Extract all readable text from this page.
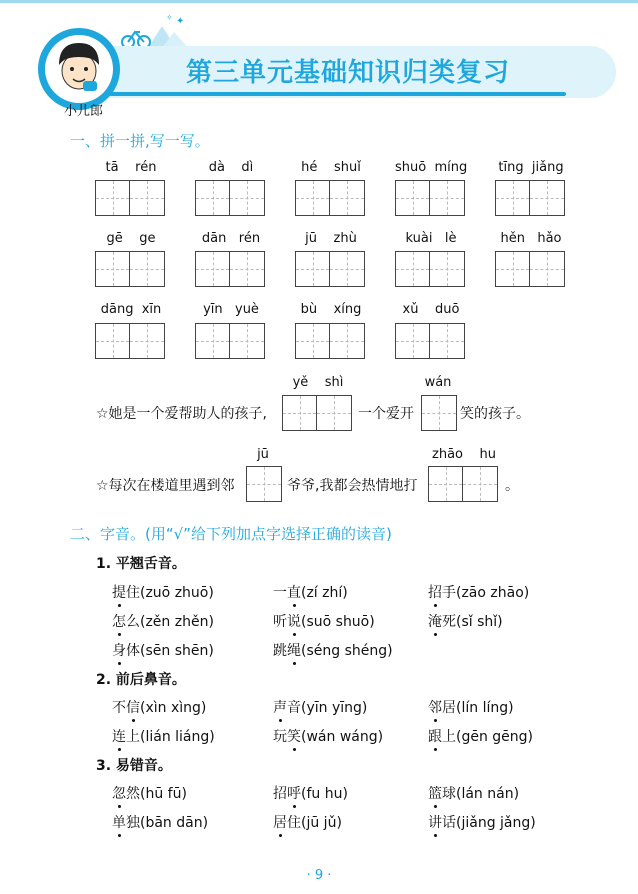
✦
✧
小儿郎
第三单元基础知识归类复习
一、拼一拼,写一写。
tā    rén	dà    dì	hé    shuǐ	shuō  míng	tīng  jiǎng
gē    ge	dān   rén	jū    zhù	kuài   lè	hěn   hǎo
dāng  xīn	yīn   yuè	bù    xíng	xǔ    duō
yě    shì	wán
☆她是一个爱帮助人的孩子,	一个爱开	笑的孩子。
jū	zhāo    hu
☆每次在楼道里遇到邻	爷爷,我都会热情地打	。
二、字音。(用“√”给下列加点字选择正确的读音)
1. 平翘舌音。
提住(zuō zhuō)	一直(zí zhí)	招手(zāo zhāo)
怎么(zěn zhěn)	听说(suō shuō)	淹死(sǐ shǐ)
身体(sēn shēn)	跳绳(séng shéng)
2. 前后鼻音。
不信(xìn xìng)	声音(yīn yīng)	邻居(lín líng)
连上(lián liáng)	玩笑(wán wáng)	跟上(gēn gēng)
3. 易错音。
忽然(hū fū)	招呼(fu hu)	篮球(lán nán)
单独(bān dān)	居住(jū jǔ)	讲话(jiǎng jǎng)
· 9 ·
